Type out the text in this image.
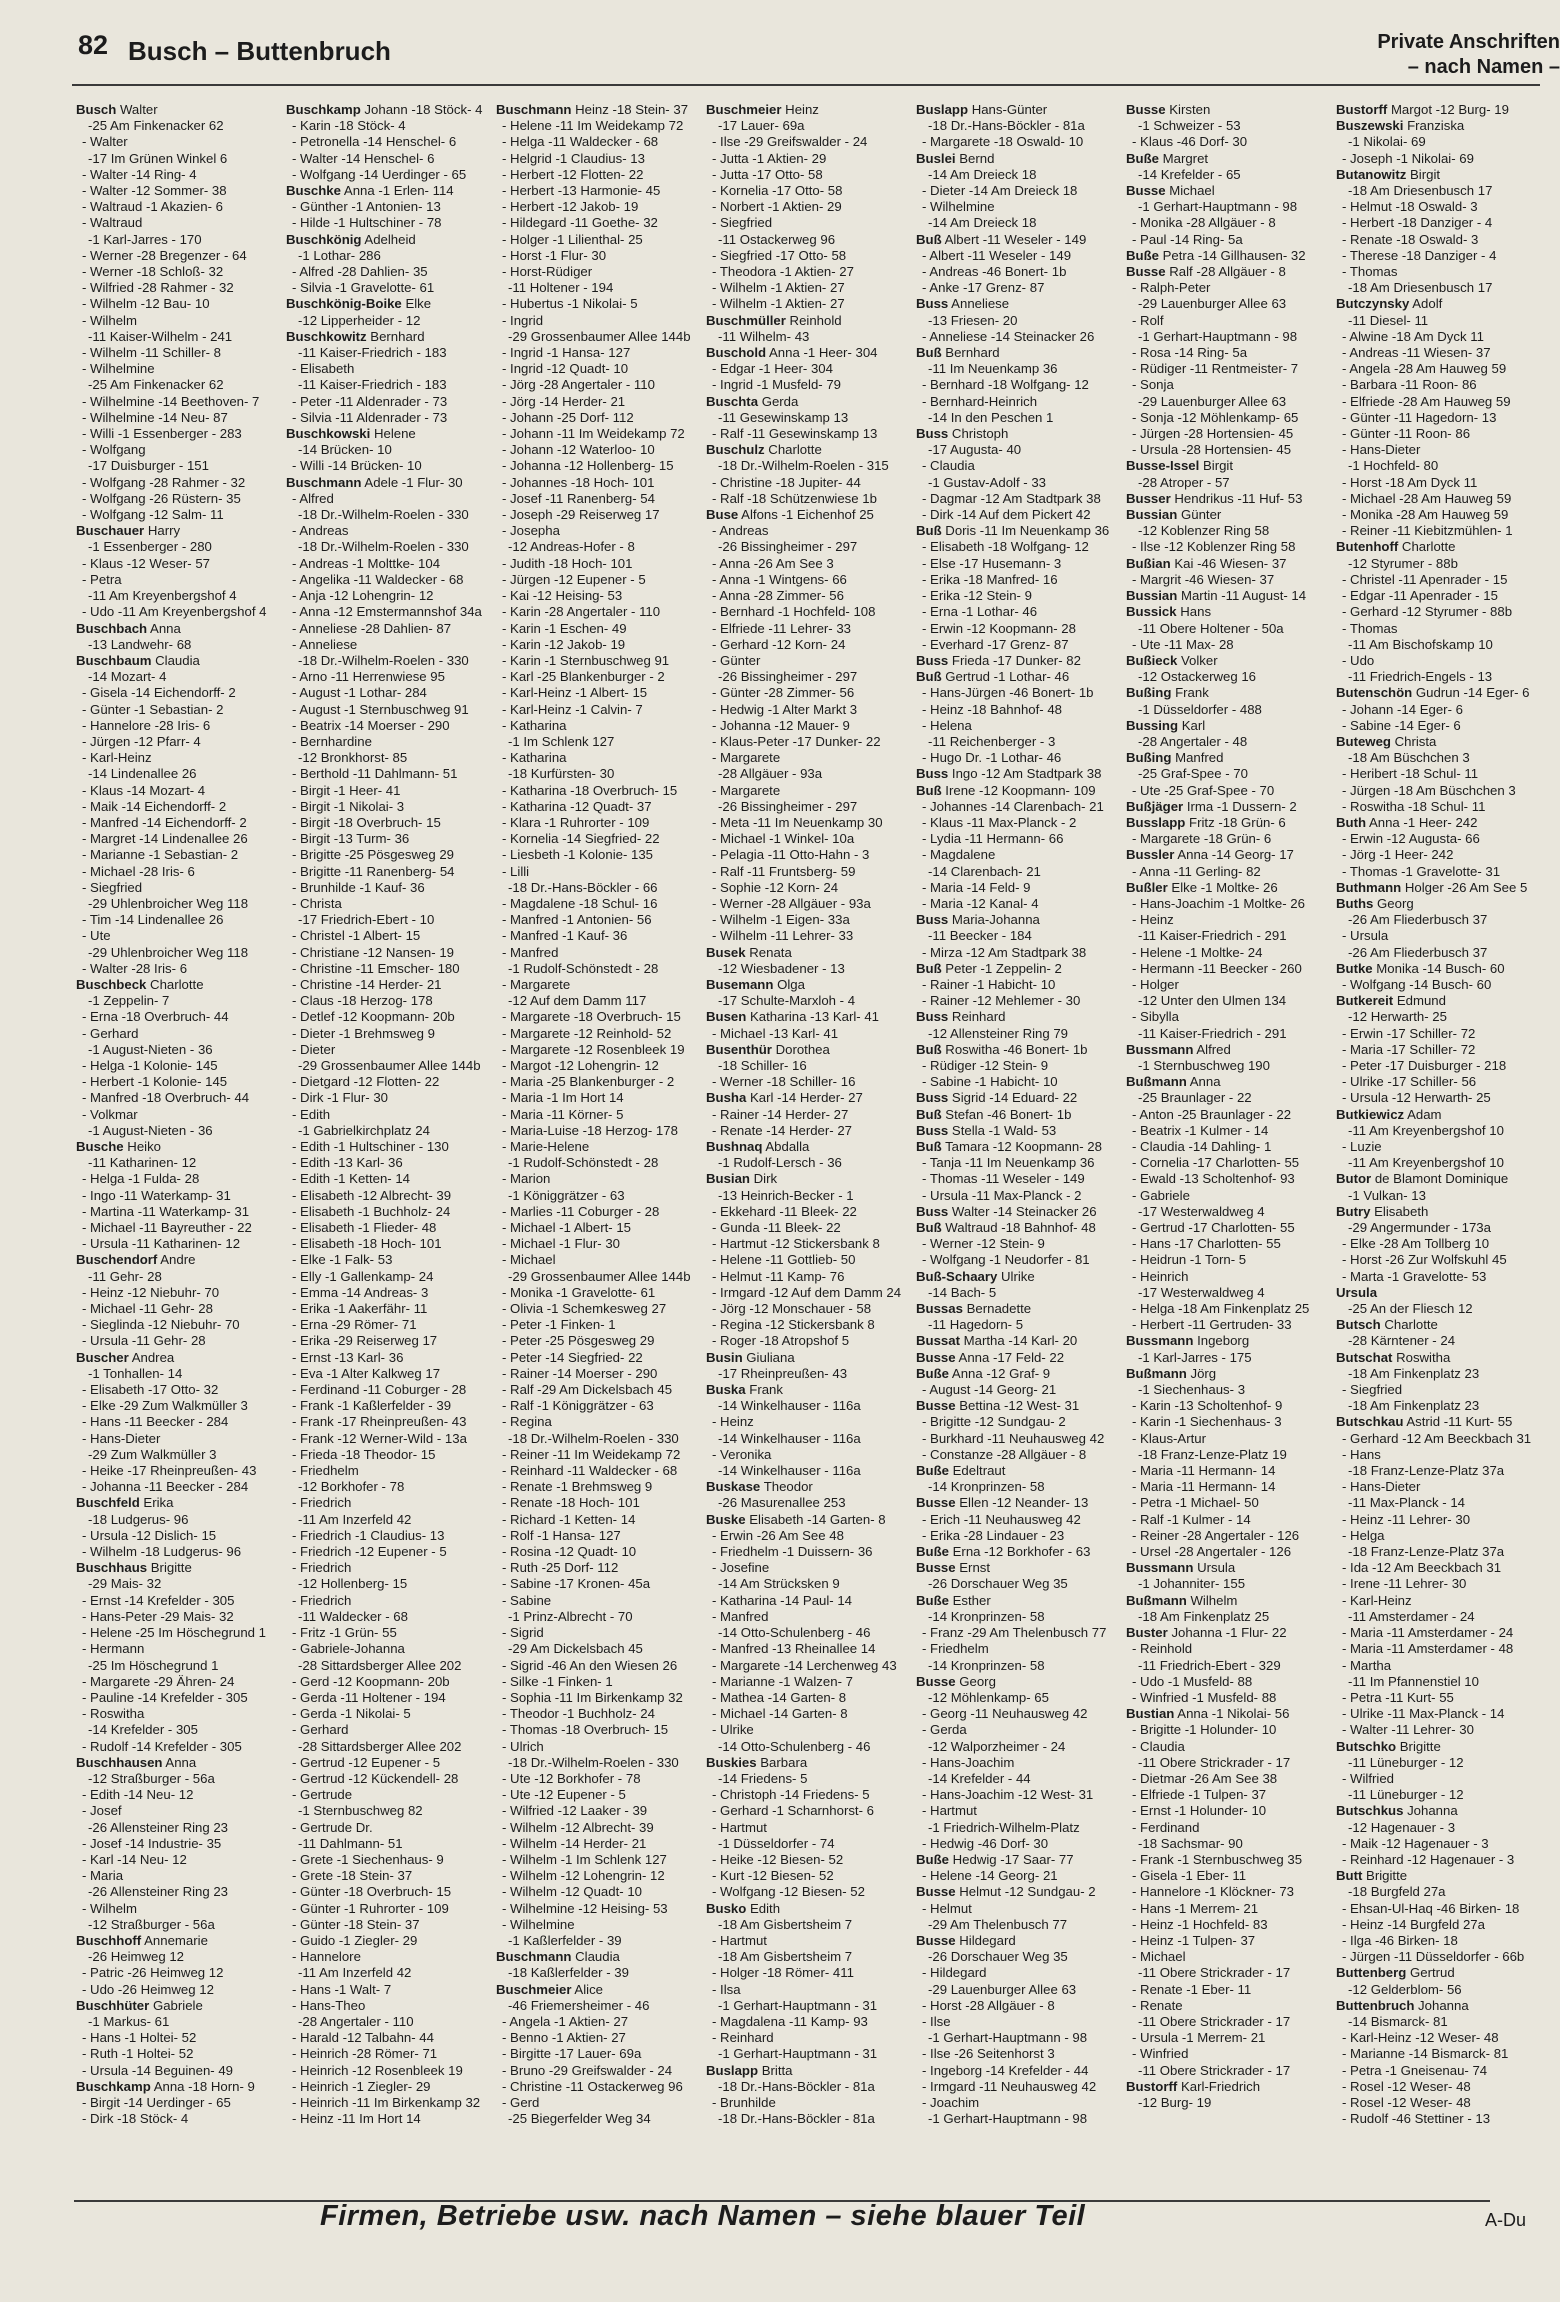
82 Busch – Buttenbruch	Private Anschriften
– nach Namen –
Busch Walter
-25 Am Finkenacker 62
- Walter
-17 Im Grünen Winkel 6
- Walter -14 Ring- 4
- Walter -12 Sommer- 38
- Waltraud -1 Akazien- 6
- Waltraud
-1 Karl-Jarres - 170
- Werner -28 Bregenzer - 64
- Werner -18 Schloß- 32
- Wilfried -28 Rahmer - 32
- Wilhelm -12 Bau- 10
- Wilhelm
-11 Kaiser-Wilhelm - 241
- Wilhelm -11 Schiller- 8
- Wilhelmine
-25 Am Finkenacker 62
- Wilhelmine -14 Beethoven- 7
- Wilhelmine -14 Neu- 87
- Willi -1 Essenberger - 283
- Wolfgang
-17 Duisburger - 151
- Wolfgang -28 Rahmer - 32
- Wolfgang -26 Rüstern- 35
- Wolfgang -12 Salm- 11
Buschauer Harry
-1 Essenberger - 280
- Klaus -12 Weser- 57
- Petra
-11 Am Kreyenbergshof 4
- Udo -11 Am Kreyenbergshof 4
Buschbach Anna
-13 Landwehr- 68
Buschbaum Claudia
-14 Mozart- 4
- Gisela -14 Eichendorff- 2
- Günter -1 Sebastian- 2
- Hannelore -28 Iris- 6
- Jürgen -12 Pfarr- 4
- Karl-Heinz
-14 Lindenallee 26
- Klaus -14 Mozart- 4
- Maik -14 Eichendorff- 2
- Manfred -14 Eichendorff- 2
- Margret -14 Lindenallee 26
- Marianne -1 Sebastian- 2
- Michael -28 Iris- 6
- Siegfried
-29 Uhlenbroicher Weg 118
- Tim -14 Lindenallee 26
- Ute
-29 Uhlenbroicher Weg 118
- Walter -28 Iris- 6
Buschbeck Charlotte
-1 Zeppelin- 7
- Erna -18 Overbruch- 44
- Gerhard
-1 August-Nieten - 36
- Helga -1 Kolonie- 145
- Herbert -1 Kolonie- 145
- Manfred -18 Overbruch- 44
- Volkmar
-1 August-Nieten - 36
Busche Heiko
-11 Katharinen- 12
- Helga -1 Fulda- 28
- Ingo -11 Waterkamp- 31
- Martina -11 Waterkamp- 31
- Michael -11 Bayreuther - 22
- Ursula -11 Katharinen- 12
Buschendorf Andre
-11 Gehr- 28
- Heinz -12 Niebuhr- 70
- Michael -11 Gehr- 28
- Sieglinda -12 Niebuhr- 70
- Ursula -11 Gehr- 28
Buscher Andrea
-1 Tonhallen- 14
- Elisabeth -17 Otto- 32
- Elke -29 Zum Walkmüller 3
- Hans -11 Beecker - 284
- Hans-Dieter
-29 Zum Walkmüller 3
- Heike -17 Rheinpreußen- 43
- Johanna -11 Beecker - 284
Buschfeld Erika
-18 Ludgerus- 96
- Ursula -12 Dislich- 15
- Wilhelm -18 Ludgerus- 96
Buschhaus Brigitte
-29 Mais- 32
- Ernst -14 Krefelder - 305
- Hans-Peter -29 Mais- 32
- Helene -25 Im Höschegrund 1
- Hermann
-25 Im Höschegrund 1
- Margarete -29 Ähren- 24
- Pauline -14 Krefelder - 305
- Roswitha
-14 Krefelder - 305
- Rudolf -14 Krefelder - 305
Buschhausen Anna
-12 Straßburger - 56a
- Edith -14 Neu- 12
- Josef
-26 Allensteiner Ring 23
- Josef -14 Industrie- 35
- Karl -14 Neu- 12
- Maria
-26 Allensteiner Ring 23
- Wilhelm
-12 Straßburger - 56a
Buschhoff Annemarie
-26 Heimweg 12
- Patric -26 Heimweg 12
- Udo -26 Heimweg 12
Buschhüter Gabriele
-1 Markus- 61
- Hans -1 Holtei- 52
- Ruth -1 Holtei- 52
- Ursula -14 Beguinen- 49
Buschkamp Anna -18 Horn- 9
- Birgit -14 Uerdinger - 65
- Dirk -18 Stöck- 4
Buschkamp Johann -18 Stöck- 4
- Karin -18 Stöck- 4
- Petronella -14 Henschel- 6
- Walter -14 Henschel- 6
- Wolfgang -14 Uerdinger - 65
Buschke Anna -1 Erlen- 114
- Günther -1 Antonien- 13
- Hilde -1 Hultschiner - 78
Buschkönig Adelheid
-1 Lothar- 286
- Alfred -28 Dahlien- 35
- Silvia -1 Gravelotte- 61
Buschkönig-Boike Elke
-12 Lipperheider - 12
Buschkowitz Bernhard
-11 Kaiser-Friedrich - 183
- Elisabeth
-11 Kaiser-Friedrich - 183
- Peter -11 Aldenrader - 73
- Silvia -11 Aldenrader - 73
Buschkowski Helene
-14 Brücken- 10
- Willi -14 Brücken- 10
Buschmann Adele -1 Flur- 30
- Alfred
-18 Dr.-Wilhelm-Roelen - 330
- Andreas
-18 Dr.-Wilhelm-Roelen - 330
- Andreas -1 Molttke- 104
- Angelika -11 Waldecker - 68
- Anja -12 Lohengrin- 12
- Anna -12 Emstermannshof 34a
- Anneliese -28 Dahlien- 87
- Anneliese
-18 Dr.-Wilhelm-Roelen - 330
- Arno -11 Herrenwiese 95
- August -1 Lothar- 284
- August -1 Sternbuschweg 91
- Beatrix -14 Moerser - 290
- Bernhardine
-12 Bronkhorst- 85
- Berthold -11 Dahlmann- 51
- Birgit -1 Heer- 41
- Birgit -1 Nikolai- 3
- Birgit -18 Overbruch- 15
- Birgit -13 Turm- 36
- Brigitte -25 Pösgesweg 29
- Brigitte -11 Ranenberg- 54
- Brunhilde -1 Kauf- 36
- Christa
-17 Friedrich-Ebert - 10
- Christel -1 Albert- 15
- Christiane -12 Nansen- 19
- Christine -11 Emscher- 180
- Christine -14 Herder- 21
- Claus -18 Herzog- 178
- Detlef -12 Koopmann- 20b
- Dieter -1 Brehmsweg 9
- Dieter
-29 Grossenbaumer Allee 144b
- Dietgard -12 Flotten- 22
- Dirk -1 Flur- 30
- Edith
-1 Gabrielkirchplatz 24
- Edith -1 Hultschiner - 130
- Edith -13 Karl- 36
- Edith -1 Ketten- 14
- Elisabeth -12 Albrecht- 39
- Elisabeth -1 Buchholz- 24
- Elisabeth -1 Flieder- 48
- Elisabeth -18 Hoch- 101
- Elke -1 Falk- 53
- Elly -1 Gallenkamp- 24
- Emma -14 Andreas- 3
- Erika -1 Aakerfähr- 11
- Erna -29 Römer- 71
- Erika -29 Reiserweg 17
- Ernst -13 Karl- 36
- Eva -1 Alter Kalkweg 17
- Ferdinand -11 Coburger - 28
- Frank -1 Kaßlerfelder - 39
- Frank -17 Rheinpreußen- 43
- Frank -12 Werner-Wild - 13a
- Frieda -18 Theodor- 15
- Friedhelm
-12 Borkhofer - 78
- Friedrich
-11 Am Inzerfeld 42
- Friedrich -1 Claudius- 13
- Friedrich -12 Eupener - 5
- Friedrich
-12 Hollenberg- 15
- Friedrich
-11 Waldecker - 68
- Fritz -1 Grün- 55
- Gabriele-Johanna
-28 Sittardsberger Allee 202
- Gerd -12 Koopmann- 20b
- Gerda -11 Holtener - 194
- Gerda -1 Nikolai- 5
- Gerhard
-28 Sittardsberger Allee 202
- Gertrud -12 Eupener - 5
- Gertrud -12 Kückendell- 28
- Gertrude
-1 Sternbuschweg 82
- Gertrude Dr.
-11 Dahlmann- 51
- Grete -1 Siechenhaus- 9
- Grete -18 Stein- 37
- Günter -18 Overbruch- 15
- Günter -1 Ruhrorter - 109
- Günter -18 Stein- 37
- Guido -1 Ziegler- 29
- Hannelore
-11 Am Inzerfeld 42
- Hans -1 Walt- 7
- Hans-Theo
-28 Angertaler - 110
- Harald -12 Talbahn- 44
- Heinrich -28 Römer- 71
- Heinrich -12 Rosenbleek 19
- Heinrich -1 Ziegler- 29
- Heinrich -11 Im Birkenkamp 32
- Heinz -11 Im Hort 14
Buschmann Heinz -18 Stein- 37
- Helene -11 Im Weidekamp 72
- Helga -11 Waldecker - 68
- Helgrid -1 Claudius- 13
- Herbert -12 Flotten- 22
- Herbert -13 Harmonie- 45
- Herbert -12 Jakob- 19
- Hildegard -11 Goethe- 32
- Holger -1 Lilienthal- 25
- Horst -1 Flur- 30
- Horst-Rüdiger
-11 Holtener - 194
- Hubertus -1 Nikolai- 5
- Ingrid
-29 Grossenbaumer Allee 144b
- Ingrid -1 Hansa- 127
- Ingrid -12 Quadt- 10
- Jörg -28 Angertaler - 110
- Jörg -14 Herder- 21
- Johann -25 Dorf- 112
- Johann -11 Im Weidekamp 72
- Johann -12 Waterloo- 10
- Johanna -12 Hollenberg- 15
- Johannes -18 Hoch- 101
- Josef -11 Ranenberg- 54
- Joseph -29 Reiserweg 17
- Josepha
-12 Andreas-Hofer - 8
- Judith -18 Hoch- 101
- Jürgen -12 Eupener - 5
- Kai -12 Heising- 53
- Karin -28 Angertaler - 110
- Karin -1 Eschen- 49
- Karin -12 Jakob- 19
- Karin -1 Sternbuschweg 91
- Karl -25 Blankenburger - 2
- Karl-Heinz -1 Albert- 15
- Karl-Heinz -1 Calvin- 7
- Katharina
-1 Im Schlenk 127
- Katharina
-18 Kurfürsten- 30
- Katharina -18 Overbruch- 15
- Katharina -12 Quadt- 37
- Klara -1 Ruhrorter - 109
- Kornelia -14 Siegfried- 22
- Liesbeth -1 Kolonie- 135
- Lilli
-18 Dr.-Hans-Böckler - 66
- Magdalene -18 Schul- 16
- Manfred -1 Antonien- 56
- Manfred -1 Kauf- 36
- Manfred
-1 Rudolf-Schönstedt - 28
- Margarete
-12 Auf dem Damm 117
- Margarete -18 Overbruch- 15
- Margarete -12 Reinhold- 52
- Margarete -12 Rosenbleek 19
- Margot -12 Lohengrin- 12
- Maria -25 Blankenburger - 2
- Maria -1 Im Hort 14
- Maria -11 Körner- 5
- Maria-Luise -18 Herzog- 178
- Marie-Helene
-1 Rudolf-Schönstedt - 28
- Marion
-1 Königgrätzer - 63
- Marlies -11 Coburger - 28
- Michael -1 Albert- 15
- Michael -1 Flur- 30
- Michael
-29 Grossenbaumer Allee 144b
- Monika -1 Gravelotte- 61
- Olivia -1 Schemkesweg 27
- Peter -1 Finken- 1
- Peter -25 Pösgesweg 29
- Peter -14 Siegfried- 22
- Rainer -14 Moerser - 290
- Ralf -29 Am Dickelsbach 45
- Ralf -1 Königgrätzer - 63
- Regina
-18 Dr.-Wilhelm-Roelen - 330
- Reiner -11 Im Weidekamp 72
- Reinhard -11 Waldecker - 68
- Renate -1 Brehmsweg 9
- Renate -18 Hoch- 101
- Richard -1 Ketten- 14
- Rolf -1 Hansa- 127
- Rosina -12 Quadt- 10
- Ruth -25 Dorf- 112
- Sabine -17 Kronen- 45a
- Sabine
-1 Prinz-Albrecht - 70
- Sigrid
-29 Am Dickelsbach 45
- Sigrid -46 An den Wiesen 26
- Silke -1 Finken- 1
- Sophia -11 Im Birkenkamp 32
- Theodor -1 Buchholz- 24
- Thomas -18 Overbruch- 15
- Ulrich
-18 Dr.-Wilhelm-Roelen - 330
- Ute -12 Borkhofer - 78
- Ute -12 Eupener - 5
- Wilfried -12 Laaker - 39
- Wilhelm -12 Albrecht- 39
- Wilhelm -14 Herder- 21
- Wilhelm -1 Im Schlenk 127
- Wilhelm -12 Lohengrin- 12
- Wilhelm -12 Quadt- 10
- Wilhelmine -12 Heising- 53
- Wilhelmine
-1 Kaßlerfelder - 39
Buschmann Claudia
-18 Kaßlerfelder - 39
Buschmeier Alice
-46 Friemersheimer - 46
- Angela -1 Aktien- 27
- Benno -1 Aktien- 27
- Birgitte -17 Lauer- 69a
- Bruno -29 Greifswalder - 24
- Christine -11 Ostackerweg 96
- Gerd
-25 Biegerfelder Weg 34
Buschmeier Heinz
-17 Lauer- 69a
- Ilse -29 Greifswalder - 24
- Jutta -1 Aktien- 29
- Jutta -17 Otto- 58
- Kornelia -17 Otto- 58
- Norbert -1 Aktien- 29
- Siegfried
-11 Ostackerweg 96
- Siegfried -17 Otto- 58
- Theodora -1 Aktien- 27
- Wilhelm -1 Aktien- 27
- Wilhelm -1 Aktien- 27
Buschmüller Reinhold
-11 Wilhelm- 43
Buschold Anna -1 Heer- 304
- Edgar -1 Heer- 304
- Ingrid -1 Musfeld- 79
Buschta Gerda
-11 Gesewinskamp 13
- Ralf -11 Gesewinskamp 13
Buschulz Charlotte
-18 Dr.-Wilhelm-Roelen - 315
- Christine -18 Jupiter- 44
- Ralf -18 Schützenwiese 1b
Buse Alfons -1 Eichenhof 25
- Andreas
-26 Bissingheimer - 297
- Anna -26 Am See 3
- Anna -1 Wintgens- 66
- Anna -28 Zimmer- 56
- Bernhard -1 Hochfeld- 108
- Elfriede -11 Lehrer- 33
- Gerhard -12 Korn- 24
- Günter
-26 Bissingheimer - 297
- Günter -28 Zimmer- 56
- Hedwig -1 Alter Markt 3
- Johanna -12 Mauer- 9
- Klaus-Peter -17 Dunker- 22
- Margarete
-28 Allgäuer - 93a
- Margarete
-26 Bissingheimer - 297
- Meta -11 Im Neuenkamp 30
- Michael -1 Winkel- 10a
- Pelagia -11 Otto-Hahn - 3
- Ralf -11 Fruntsberg- 59
- Sophie -12 Korn- 24
- Werner -28 Allgäuer - 93a
- Wilhelm -1 Eigen- 33a
- Wilhelm -11 Lehrer- 33
Busek Renata
-12 Wiesbadener - 13
Busemann Olga
-17 Schulte-Marxloh - 4
Busen Katharina -13 Karl- 41
- Michael -13 Karl- 41
Busenthür Dorothea
-18 Schiller- 16
- Werner -18 Schiller- 16
Busha Karl -14 Herder- 27
- Rainer -14 Herder- 27
- Renate -14 Herder- 27
Bushnaq Abdalla
-1 Rudolf-Lersch - 36
Busian Dirk
-13 Heinrich-Becker - 1
- Ekkehard -11 Bleek- 22
- Gunda -11 Bleek- 22
- Hartmut -12 Stickersbank 8
- Helene -11 Gottlieb- 50
- Helmut -11 Kamp- 76
- Irmgard -12 Auf dem Damm 24
- Jörg -12 Monschauer - 58
- Regina -12 Stickersbank 8
- Roger -18 Atropshof 5
Busin Giuliana
-17 Rheinpreußen- 43
Buska Frank
-14 Winkelhauser - 116a
- Heinz
-14 Winkelhauser - 116a
- Veronika
-14 Winkelhauser - 116a
Buskase Theodor
-26 Masurenallee 253
Buske Elisabeth -14 Garten- 8
- Erwin -26 Am See 48
- Friedhelm -1 Duissern- 36
- Josefine
-14 Am Strücksken 9
- Katharina -14 Paul- 14
- Manfred
-14 Otto-Schulenberg - 46
- Manfred -13 Rheinallee 14
- Margarete -14 Lerchenweg 43
- Marianne -1 Walzen- 7
- Mathea -14 Garten- 8
- Michael -14 Garten- 8
- Ulrike
-14 Otto-Schulenberg - 46
Buskies Barbara
-14 Friedens- 5
- Christoph -14 Friedens- 5
- Gerhard -1 Scharnhorst- 6
- Hartmut
-1 Düsseldorfer - 74
- Heike -12 Biesen- 52
- Kurt -12 Biesen- 52
- Wolfgang -12 Biesen- 52
Busko Edith
-18 Am Gisbertsheim 7
- Hartmut
-18 Am Gisbertsheim 7
- Holger -18 Römer- 411
- Ilsa
-1 Gerhart-Hauptmann - 31
- Magdalena -11 Kamp- 93
- Reinhard
-1 Gerhart-Hauptmann - 31
Buslapp Britta
-18 Dr.-Hans-Böckler - 81a
- Brunhilde
-18 Dr.-Hans-Böckler - 81a
Buslapp Hans-Günter
-18 Dr.-Hans-Böckler - 81a
- Margarete -18 Oswald- 10
Buslei Bernd
-14 Am Dreieck 18
- Dieter -14 Am Dreieck 18
- Wilhelmine
-14 Am Dreieck 18
Buß Albert -11 Weseler - 149
- Albert -11 Weseler - 149
- Andreas -46 Bonert- 1b
- Anke -17 Grenz- 87
Buss Anneliese
-13 Friesen- 20
- Anneliese -14 Steinacker 26
Buß Bernhard
-11 Im Neuenkamp 36
- Bernhard -18 Wolfgang- 12
- Bernhard-Heinrich
-14 In den Peschen 1
Buss Christoph
-17 Augusta- 40
- Claudia
-1 Gustav-Adolf - 33
- Dagmar -12 Am Stadtpark 38
- Dirk -14 Auf dem Pickert 42
Buß Doris -11 Im Neuenkamp 36
- Elisabeth -18 Wolfgang- 12
- Else -17 Husemann- 3
- Erika -18 Manfred- 16
- Erika -12 Stein- 9
- Erna -1 Lothar- 46
- Erwin -12 Koopmann- 28
- Everhard -17 Grenz- 87
Buss Frieda -17 Dunker- 82
Buß Gertrud -1 Lothar- 46
- Hans-Jürgen -46 Bonert- 1b
- Heinz -18 Bahnhof- 48
- Helena
-11 Reichenberger - 3
- Hugo Dr. -1 Lothar- 46
Buss Ingo -12 Am Stadtpark 38
Buß Irene -12 Koopmann- 109
- Johannes -14 Clarenbach- 21
- Klaus -11 Max-Planck - 2
- Lydia -11 Hermann- 66
- Magdalene
-14 Clarenbach- 21
- Maria -14 Feld- 9
- Maria -12 Kanal- 4
Buss Maria-Johanna
-11 Beecker - 184
- Mirza -12 Am Stadtpark 38
Buß Peter -1 Zeppelin- 2
- Rainer -1 Habicht- 10
- Rainer -12 Mehlemer - 30
Buss Reinhard
-12 Allensteiner Ring 79
Buß Roswitha -46 Bonert- 1b
- Rüdiger -12 Stein- 9
- Sabine -1 Habicht- 10
Buss Sigrid -14 Eduard- 22
Buß Stefan -46 Bonert- 1b
Buss Stella -1 Wald- 53
Buß Tamara -12 Koopmann- 28
- Tanja -11 Im Neuenkamp 36
- Thomas -11 Weseler - 149
- Ursula -11 Max-Planck - 2
Buss Walter -14 Steinacker 26
Buß Waltraud -18 Bahnhof- 48
- Werner -12 Stein- 9
- Wolfgang -1 Neudorfer - 81
Buß-Schaary Ulrike
-14 Bach- 5
Bussas Bernadette
-11 Hagedorn- 5
Bussat Martha -14 Karl- 20
Busse Anna -17 Feld- 22
Buße Anna -12 Graf- 9
- August -14 Georg- 21
Busse Bettina -12 West- 31
- Brigitte -12 Sundgau- 2
- Burkhard -11 Neuhausweg 42
- Constanze -28 Allgäuer - 8
Buße Edeltraut
-14 Kronprinzen- 58
Busse Ellen -12 Neander- 13
- Erich -11 Neuhausweg 42
- Erika -28 Lindauer - 23
Buße Erna -12 Borkhofer - 63
Busse Ernst
-26 Dorschauer Weg 35
Buße Esther
-14 Kronprinzen- 58
- Franz -29 Am Thelenbusch 77
- Friedhelm
-14 Kronprinzen- 58
Busse Georg
-12 Möhlenkamp- 65
- Georg -11 Neuhausweg 42
- Gerda
-12 Walporzheimer - 24
- Hans-Joachim
-14 Krefelder - 44
- Hans-Joachim -12 West- 31
- Hartmut
-1 Friedrich-Wilhelm-Platz
- Hedwig -46 Dorf- 30
Buße Hedwig -17 Saar- 77
- Helene -14 Georg- 21
Busse Helmut -12 Sundgau- 2
- Helmut
-29 Am Thelenbusch 77
Busse Hildegard
-26 Dorschauer Weg 35
- Hildegard
-29 Lauenburger Allee 63
- Horst -28 Allgäuer - 8
- Ilse
-1 Gerhart-Hauptmann - 98
- Ilse -26 Seitenhorst 3
- Ingeborg -14 Krefelder - 44
- Irmgard -11 Neuhausweg 42
- Joachim
-1 Gerhart-Hauptmann - 98
Busse Kirsten
-1 Schweizer - 53
- Klaus -46 Dorf- 30
Buße Margret
-14 Krefelder - 65
Busse Michael
-1 Gerhart-Hauptmann - 98
- Monika -28 Allgäuer - 8
- Paul -14 Ring- 5a
Buße Petra -14 Gillhausen- 32
Busse Ralf -28 Allgäuer - 8
- Ralph-Peter
-29 Lauenburger Allee 63
- Rolf
-1 Gerhart-Hauptmann - 98
- Rosa -14 Ring- 5a
- Rüdiger -11 Rentmeister- 7
- Sonja
-29 Lauenburger Allee 63
- Sonja -12 Möhlenkamp- 65
- Jürgen -28 Hortensien- 45
- Ursula -28 Hortensien- 45
Busse-Issel Birgit
-28 Atroper - 57
Busser Hendrikus -11 Huf- 53
Bussian Günter
-12 Koblenzer Ring 58
- Ilse -12 Koblenzer Ring 58
Bußian Kai -46 Wiesen- 37
- Margrit -46 Wiesen- 37
Bussian Martin -11 August- 14
Bussick Hans
-11 Obere Holtener - 50a
- Ute -11 Max- 28
Bußieck Volker
-12 Ostackerweg 16
Bußing Frank
-1 Düsseldorfer - 488
Bussing Karl
-28 Angertaler - 48
Bußing Manfred
-25 Graf-Spee - 70
- Ute -25 Graf-Spee - 70
Bußjäger Irma -1 Dussern- 2
Busslapp Fritz -18 Grün- 6
- Margarete -18 Grün- 6
Bussler Anna -14 Georg- 17
- Anna -11 Gerling- 82
Bußler Elke -1 Moltke- 26
- Hans-Joachim -1 Moltke- 26
- Heinz
-11 Kaiser-Friedrich - 291
- Helene -1 Moltke- 24
- Hermann -11 Beecker - 260
- Holger
-12 Unter den Ulmen 134
- Sibylla
-11 Kaiser-Friedrich - 291
Bussmann Alfred
-1 Sternbuschweg 190
Bußmann Anna
-25 Braunlager - 22
- Anton -25 Braunlager - 22
- Beatrix -1 Kulmer - 14
- Claudia -14 Dahling- 1
- Cornelia -17 Charlotten- 55
- Ewald -13 Scholtenhof- 93
- Gabriele
-17 Westerwaldweg 4
- Gertrud -17 Charlotten- 55
- Hans -17 Charlotten- 55
- Heidrun -1 Torn- 5
- Heinrich
-17 Westerwaldweg 4
- Helga -18 Am Finkenplatz 25
- Herbert -11 Gertruden- 33
Bussmann Ingeborg
-1 Karl-Jarres - 175
Bußmann Jörg
-1 Siechenhaus- 3
- Karin -13 Scholtenhof- 9
- Karin -1 Siechenhaus- 3
- Klaus-Artur
-18 Franz-Lenze-Platz 19
- Maria -11 Hermann- 14
- Maria -11 Hermann- 14
- Petra -1 Michael- 50
- Ralf -1 Kulmer - 14
- Reiner -28 Angertaler - 126
- Ursel -28 Angertaler - 126
Bussmann Ursula
-1 Johanniter- 155
Bußmann Wilhelm
-18 Am Finkenplatz 25
Buster Johanna -1 Flur- 22
- Reinhold
-11 Friedrich-Ebert - 329
- Udo -1 Musfeld- 88
- Winfried -1 Musfeld- 88
Bustian Anna -1 Nikolai- 56
- Brigitte -1 Holunder- 10
- Claudia
-11 Obere Strickrader - 17
- Dietmar -26 Am See 38
- Elfriede -1 Tulpen- 37
- Ernst -1 Holunder- 10
- Ferdinand
-18 Sachsmar- 90
- Frank -1 Sternbuschweg 35
- Gisela -1 Eber- 11
- Hannelore -1 Klöckner- 73
- Hans -1 Merrem- 21
- Heinz -1 Hochfeld- 83
- Heinz -1 Tulpen- 37
- Michael
-11 Obere Strickrader - 17
- Renate -1 Eber- 11
- Renate
-11 Obere Strickrader - 17
- Ursula -1 Merrem- 21
- Winfried
-11 Obere Strickrader - 17
Bustorff Karl-Friedrich
-12 Burg- 19
Bustorff Margot -12 Burg- 19
Buszewski Franziska
-1 Nikolai- 69
- Joseph -1 Nikolai- 69
Butanowitz Birgit
-18 Am Driesenbusch 17
- Helmut -18 Oswald- 3
- Herbert -18 Danziger - 4
- Renate -18 Oswald- 3
- Therese -18 Danziger - 4
- Thomas
-18 Am Driesenbusch 17
Butczynsky Adolf
-11 Diesel- 11
- Alwine -18 Am Dyck 11
- Andreas -11 Wiesen- 37
- Angela -28 Am Hauweg 59
- Barbara -11 Roon- 86
- Elfriede -28 Am Hauweg 59
- Günter -11 Hagedorn- 13
- Günter -11 Roon- 86
- Hans-Dieter
-1 Hochfeld- 80
- Horst -18 Am Dyck 11
- Michael -28 Am Hauweg 59
- Monika -28 Am Hauweg 59
- Reiner -11 Kiebitzmühlen- 1
Butenhoff Charlotte
-12 Styrumer - 88b
- Christel -11 Apenrader - 15
- Edgar -11 Apenrader - 15
- Gerhard -12 Styrumer - 88b
- Thomas
-11 Am Bischofskamp 10
- Udo
-11 Friedrich-Engels - 13
Butenschön Gudrun -14 Eger- 6
- Johann -14 Eger- 6
- Sabine -14 Eger- 6
Buteweg Christa
-18 Am Büschchen 3
- Heribert -18 Schul- 11
- Jürgen -18 Am Büschchen 3
- Roswitha -18 Schul- 11
Buth Anna -1 Heer- 242
- Erwin -12 Augusta- 66
- Jörg -1 Heer- 242
- Thomas -1 Gravelotte- 31
Buthmann Holger -26 Am See 5
Buths Georg
-26 Am Fliederbusch 37
- Ursula
-26 Am Fliederbusch 37
Butke Monika -14 Busch- 60
- Wolfgang -14 Busch- 60
Butkereit Edmund
-12 Herwarth- 25
- Erwin -17 Schiller- 72
- Maria -17 Schiller- 72
- Peter -17 Duisburger - 218
- Ulrike -17 Schiller- 56
- Ursula -12 Herwarth- 25
Butkiewicz Adam
-11 Am Kreyenbergshof 10
- Luzie
-11 Am Kreyenbergshof 10
Butor de Blamont Dominique
-1 Vulkan- 13
Butry Elisabeth
-29 Angermunder - 173a
- Elke -28 Am Tollberg 10
- Horst -26 Zur Wolfskuhl 45
- Marta -1 Gravelotte- 53
Ursula
-25 An der Fliesch 12
Butsch Charlotte
-28 Kärntener - 24
Butschat Roswitha
-18 Am Finkenplatz 23
- Siegfried
-18 Am Finkenplatz 23
Butschkau Astrid -11 Kurt- 55
- Gerhard -12 Am Beeckbach 31
- Hans
-18 Franz-Lenze-Platz 37a
- Hans-Dieter
-11 Max-Planck - 14
- Heinz -11 Lehrer- 30
- Helga
-18 Franz-Lenze-Platz 37a
- Ida -12 Am Beeckbach 31
- Irene -11 Lehrer- 30
- Karl-Heinz
-11 Amsterdamer - 24
- Maria -11 Amsterdamer - 24
- Maria -11 Amsterdamer - 48
- Martha
-11 Im Pfannenstiel 10
- Petra -11 Kurt- 55
- Ulrike -11 Max-Planck - 14
- Walter -11 Lehrer- 30
Butschko Brigitte
-11 Lüneburger - 12
- Wilfried
-11 Lüneburger - 12
Butschkus Johanna
-12 Hagenauer - 3
- Maik -12 Hagenauer - 3
- Reinhard -12 Hagenauer - 3
Butt Brigitte
-18 Burgfeld 27a
- Ehsan-Ul-Haq -46 Birken- 18
- Heinz -14 Burgfeld 27a
- Ilga -46 Birken- 18
- Jürgen -11 Düsseldorfer - 66b
Buttenberg Gertrud
-12 Gelderblom- 56
Buttenbruch Johanna
-14 Bismarck- 81
- Karl-Heinz -12 Weser- 48
- Marianne -14 Bismarck- 81
- Petra -1 Gneisenau- 74
- Rosel -12 Weser- 48
- Rosel -12 Weser- 48
- Rudolf -46 Stettiner - 13
Firmen, Betriebe usw. nach Namen – siehe blauer Teil	A-Du
